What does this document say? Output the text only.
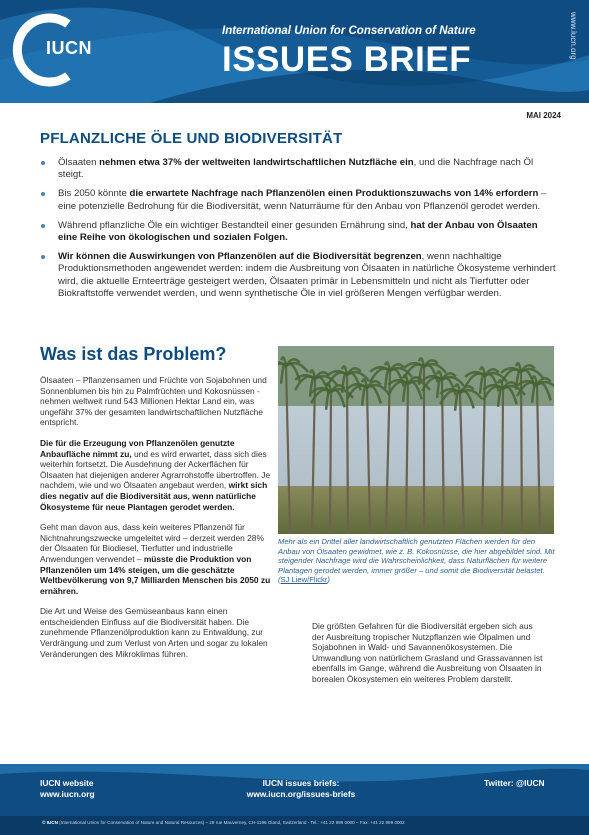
IUCN
International Union for Conservation of Nature
ISSUES BRIEF	www.iucn.org
MAI 2024
PFLANZLICHE ÖLE UND BIODIVERSITÄT
Ölsaaten nehmen etwa 37% der weltweiten landwirtschaftlichen Nutzfläche ein, und die Nachfrage nach Öl steigt.
Bis 2050 könnte die erwartete Nachfrage nach Pflanzenölen einen Produktionszuwachs von 14% erfordern – eine potenzielle Bedrohung für die Biodiversität, wenn Naturräume für den Anbau von Pflanzenöl gerodet werden.
Während pflanzliche Öle ein wichtiger Bestandteil einer gesunden Ernährung sind, hat der Anbau von Ölsaaten eine Reihe von ökologischen und sozialen Folgen.
Wir können die Auswirkungen von Pflanzenölen auf die Biodiversität begrenzen, wenn nachhaltige Produktionsmethoden angewendet werden: indem die Ausbreitung von Ölsaaten in natürliche Ökosysteme verhindert wird, die aktuelle Ernteerträge gesteigert werden, Ölsaaten primär in Lebensmitteln und nicht als Tierfutter oder Biokraftstoffe verwendet werden, und wenn synthetische Öle in viel größeren Mengen verfügbar werden.
Was ist das Problem?

Ölsaaten – Pflanzensamen und Früchte von Sojabohnen und Sonnenblumen bis hin zu Palmfrüchten und Kokosnüssen - nehmen weltweit rund 543 Millionen Hektar Land ein, was ungefähr 37% der gesamten landwirtschaftlichen Nutzfläche entspricht.

Die für die Erzeugung von Pflanzenölen genutzte Anbaufläche nimmt zu, und es wird erwartet, dass sich dies weiterhin fortsetzt. Die Ausdehnung der Ackerflächen für Ölsaaten hat diejenigen anderer Agrarrohstoffe übertroffen. Je nachdem, wie und wo Ölsaaten angebaut werden, wirkt sich dies negativ auf die Biodiversität aus, wenn natürliche Ökosysteme für neue Plantagen gerodet werden.

Geht man davon aus, dass kein weiteres Pflanzenöl für Nichtnahrungszwecke umgeleitet wird – derzeit werden 28% der Ölsaaten für Biodiesel, Tierfutter und industrielle Anwendungen verwendet – müsste die Produktion von Pflanzenölen um 14% steigen, um die geschätzte Weltbevölkerung von 9,7 Milliarden Menschen bis 2050 zu ernähren.

Die Art und Weise des Gemüseanbaus kann einen entscheidenden Einfluss auf die Biodiversität haben. Die zunehmende Pflanzenölproduktion kann zu Entwaldung, zur Verdrängung und zum Verlust von Arten und sogar zu lokalen Veränderungen des Mikroklimas führen.

Mehr als ein Drittel aller landwirtschaftlich genutzten Flächen werden für den Anbau von Ölsaaten gewidmet, wie z. B. Kokosnüsse, die hier abgebildet sind. Mit steigender Nachfrage wird die Wahrscheinlichkeit, dass Naturflächen für weitere Plantagen gerodet werden, immer größer – und somit die Biodiversität belastet. (SJ Liew/Flickr)
Die größten Gefahren für die Biodiversität ergeben sich aus der Ausbreitung tropischer Nutzpflanzen wie Ölpalmen und Sojabohnen in Wald- und Savannenökosystemen. Die Umwandlung von natürlichem Grasland und Grassavannen ist ebenfalls im Gange, während die Ausbreitung von Ölsaaten in borealen Ökosystemen ein weiteres Problem darstellt.
IUCN website
www.iucn.org
IUCN issues briefs:
www.iucn.org/issues-briefs
Twitter: @IUCN
© IUCN (International Union for Conservation of Nature and Natural Resources) – 28 rue Mauverney, CH-1196 Gland, Switzerland - Tel.: +41 22 999 0000 – Fax: +41 22 999 0002
